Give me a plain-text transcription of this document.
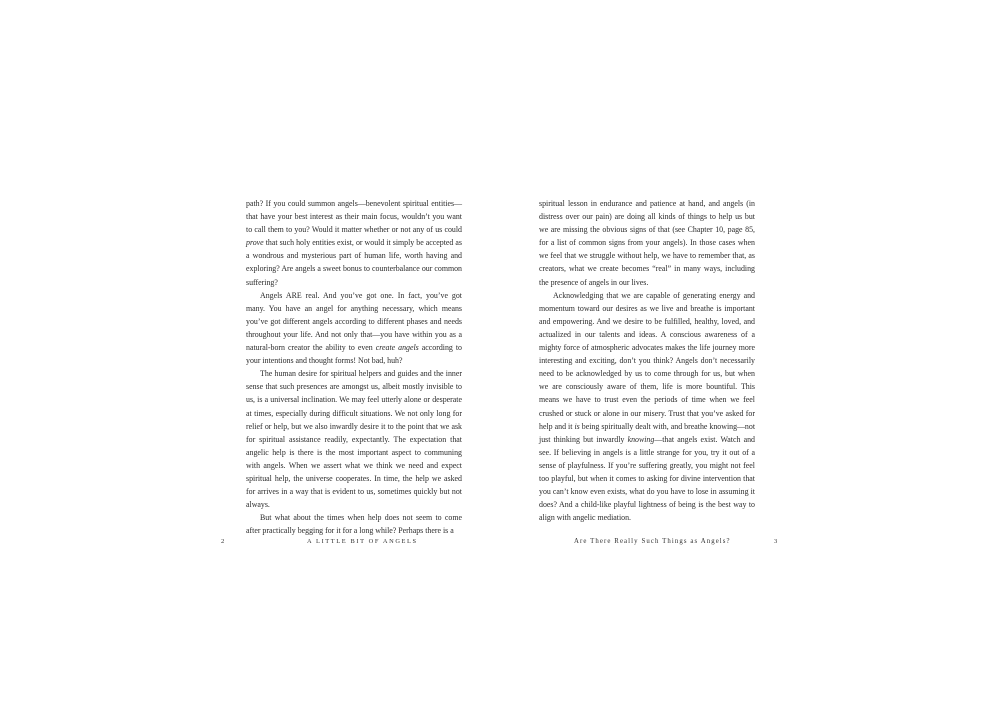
path? If you could summon angels—benevolent spiritual entities—that have your best interest as their main focus, wouldn’t you want to call them to you? Would it matter whether or not any of us could prove that such holy entities exist, or would it simply be accepted as a wondrous and mysterious part of human life, worth having and exploring? Are angels a sweet bonus to counterbalance our common suffering?

Angels ARE real. And you’ve got one. In fact, you’ve got many. You have an angel for anything necessary, which means you’ve got different angels according to different phases and needs throughout your life. And not only that—you have within you as a natural-born creator the ability to even create angels according to your intentions and thought forms! Not bad, huh?

The human desire for spiritual helpers and guides and the inner sense that such presences are amongst us, albeit mostly invisible to us, is a universal inclination. We may feel utterly alone or desperate at times, especially during difficult situations. We not only long for relief or help, but we also inwardly desire it to the point that we ask for spiritual assistance readily, expectantly. The expectation that angelic help is there is the most important aspect to communing with angels. When we assert what we think we need and expect spiritual help, the universe cooperates. In time, the help we asked for arrives in a way that is evident to us, sometimes quickly but not always.

But what about the times when help does not seem to come after practically begging for it for a long while? Perhaps there is a

2	A LITTLE BIT OF ANGELS

spiritual lesson in endurance and patience at hand, and angels (in distress over our pain) are doing all kinds of things to help us but we are missing the obvious signs of that (see Chapter 10, page 85, for a list of common signs from your angels). In those cases when we feel that we struggle without help, we have to remember that, as creators, what we create becomes “real” in many ways, including the presence of angels in our lives.

Acknowledging that we are capable of generating energy and momentum toward our desires as we live and breathe is important and empowering. And we desire to be fulfilled, healthy, loved, and actualized in our talents and ideas. A conscious awareness of a mighty force of atmospheric advocates makes the life journey more interesting and exciting, don’t you think? Angels don’t necessarily need to be acknowledged by us to come through for us, but when we are consciously aware of them, life is more bountiful. This means we have to trust even the periods of time when we feel crushed or stuck or alone in our misery. Trust that you’ve asked for help and it is being spiritually dealt with, and breathe knowing—not just thinking but inwardly knowing—that angels exist. Watch and see. If believing in angels is a little strange for you, try it out of a sense of playfulness. If you’re suffering greatly, you might not feel too playful, but when it comes to asking for divine intervention that you can’t know even exists, what do you have to lose in assuming it does? And a child-like playful lightness of being is the best way to align with angelic mediation.

Are There Really Such Things as Angels?	3
